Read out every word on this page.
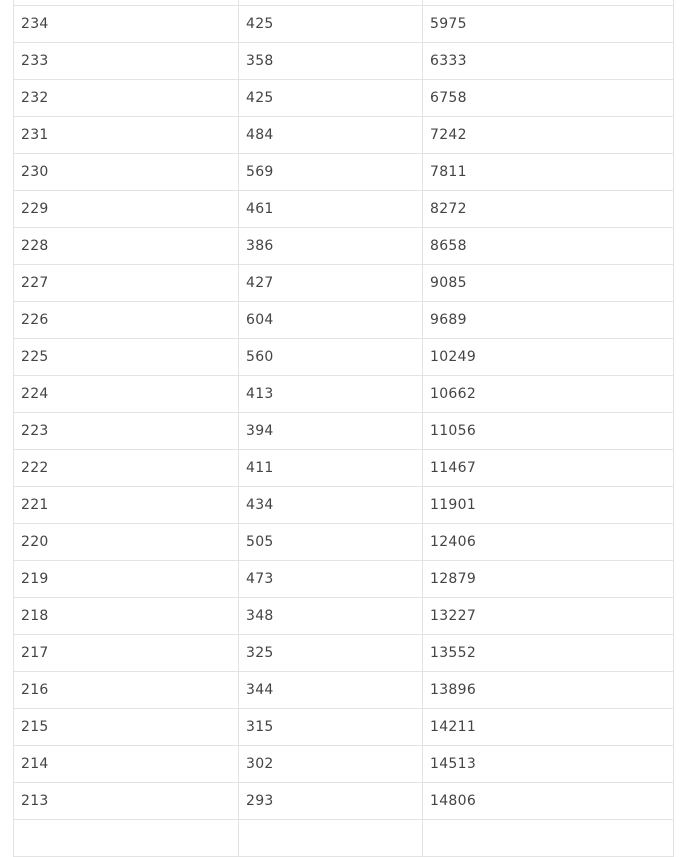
234	425	5975
233	358	6333
232	425	6758
231	484	7242
230	569	7811
229	461	8272
228	386	8658
227	427	9085
226	604	9689
225	560	10249
224	413	10662
223	394	11056
222	411	11467
221	434	11901
220	505	12406
219	473	12879
218	348	13227
217	325	13552
216	344	13896
215	315	14211
214	302	14513
213	293	14806
